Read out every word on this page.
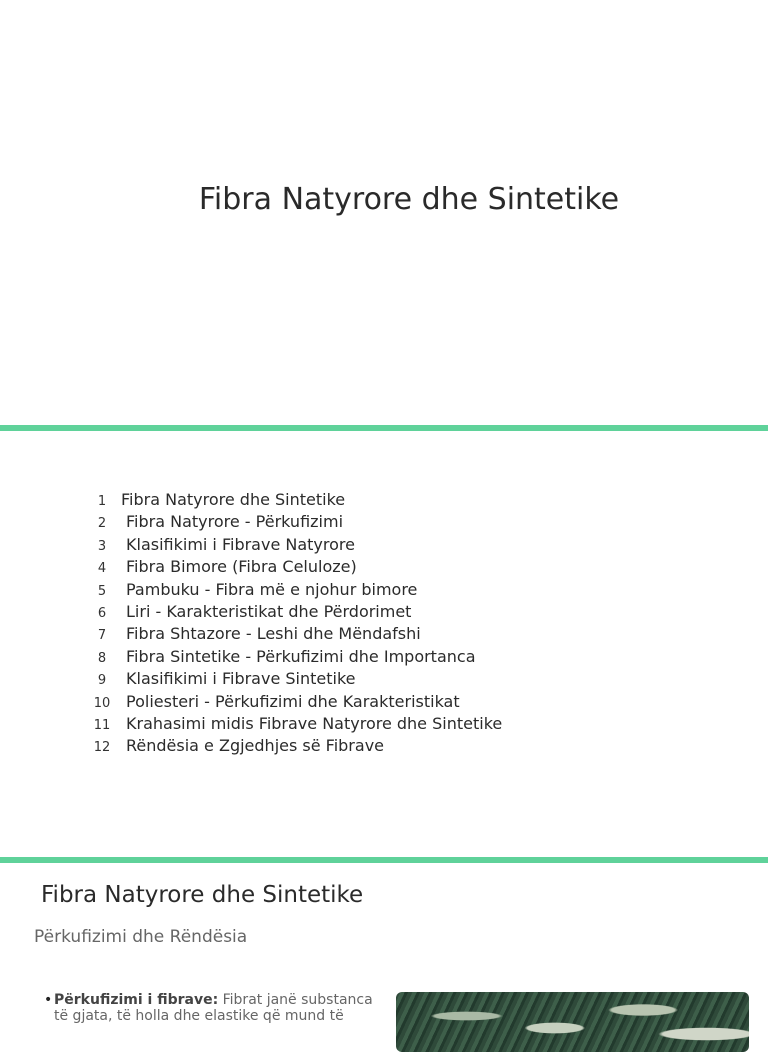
Fibra Natyrore dhe Sintetike
1 Fibra Natyrore dhe Sintetike
2	Fibra Natyrore - Përkufizimi
3	Klasifikimi i Fibrave Natyrore
4	Fibra Bimore (Fibra Celuloze)
5	Pambuku - Fibra më e njohur bimore
6	Liri - Karakteristikat dhe Përdorimet
7	Fibra Shtazore - Leshi dhe Mëndafshi
8	Fibra Sintetike - Përkufizimi dhe Importanca
9	Klasifikimi i Fibrave Sintetike
10 Poliesteri - Përkufizimi dhe Karakteristikat
11 Krahasimi midis Fibrave Natyrore dhe Sintetike
12 Rëndësia e Zgjedhjes së Fibrave
Fibra Natyrore dhe Sintetike
Përkufizimi dhe Rëndësia
• Përkufizimi i fibrave: Fibrat janë substanca të gjata, të holla dhe elastike që mund të
